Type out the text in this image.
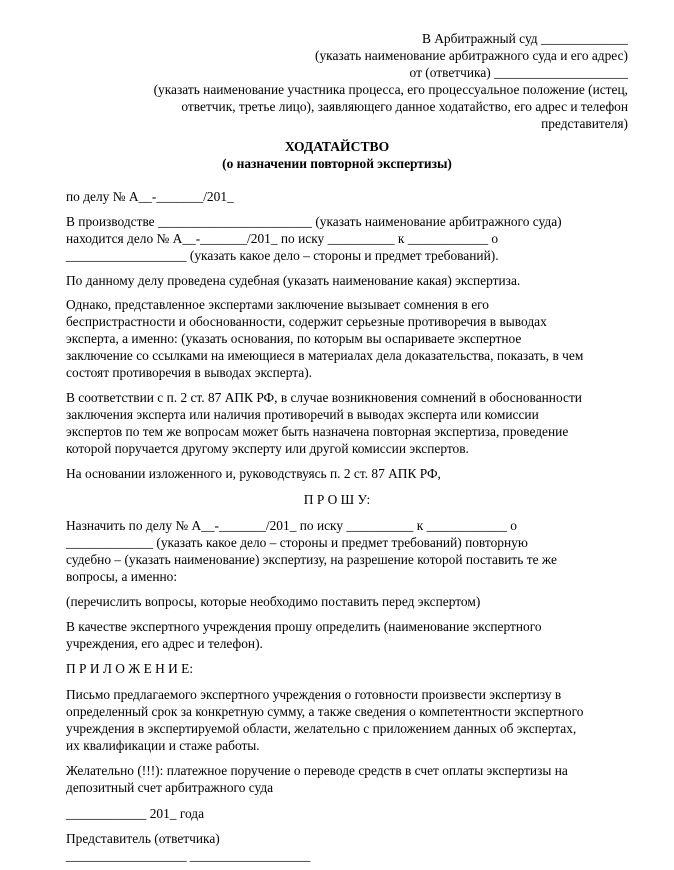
В Арбитражный суд _____________
(указать наименование арбитражного суда и его адрес)
от (ответчика) ____________________
(указать наименование участника процесса, его процессуальное положение (истец,
ответчик, третье лицо), заявляющего данное ходатайство, его адрес и телефон
представителя)
ХОДАТАЙСТВО
(о назначении повторной экспертизы)
по делу № А__-_______/201_
В производстве _______________________ (указать наименование арбитражного суда)
находится дело № А__-_______/201_ по иску __________ к ____________ о
__________________ (указать какое дело – стороны и предмет требований).
По данному делу проведена судебная (указать наименование какая) экспертиза.
Однако, представленное экспертами заключение вызывает сомнения в его
беспристрастности и обоснованности, содержит серьезные противоречия в выводах
эксперта, а именно: (указать основания, по которым вы оспариваете экспертное
заключение со ссылками на имеющиеся в материалах дела доказательства, показать, в чем
состоят противоречия в выводах эксперта).
В соответствии с п. 2 ст. 87 АПК РФ, в случае возникновения сомнений в обоснованности
заключения эксперта или наличия противоречий в выводах эксперта или комиссии
экспертов по тем же вопросам может быть назначена повторная экспертиза, проведение
которой поручается другому эксперту или другой комиссии экспертов.
На основании изложенного и, руководствуясь п. 2 ст. 87 АПК РФ,
П Р О Ш У:
Назначить по делу № А__-_______/201_ по иску __________ к ____________ о
_____________ (указать какое дело – стороны и предмет требований) повторную
судебно – (указать наименование) экспертизу, на разрешение которой поставить те же
вопросы, а именно:
(перечислить вопросы, которые необходимо поставить перед экспертом)
В качестве экспертного учреждения прошу определить (наименование экспертного
учреждения, его адрес и телефон).
П Р И Л О Ж Е Н И Е:
Письмо предлагаемого экспертного учреждения о готовности произвести экспертизу в
определенный срок за конкретную сумму, а также сведения о компетентности экспертного
учреждения в экспертируемой области, желательно с приложением данных об экспертах,
их квалификации и стаже работы.
Желательно (!!!): платежное поручение о переводе средств в счет оплаты экспертизы на
депозитный счет арбитражного суда
____________ 201_ года
Представитель (ответчика)
__________________ __________________
